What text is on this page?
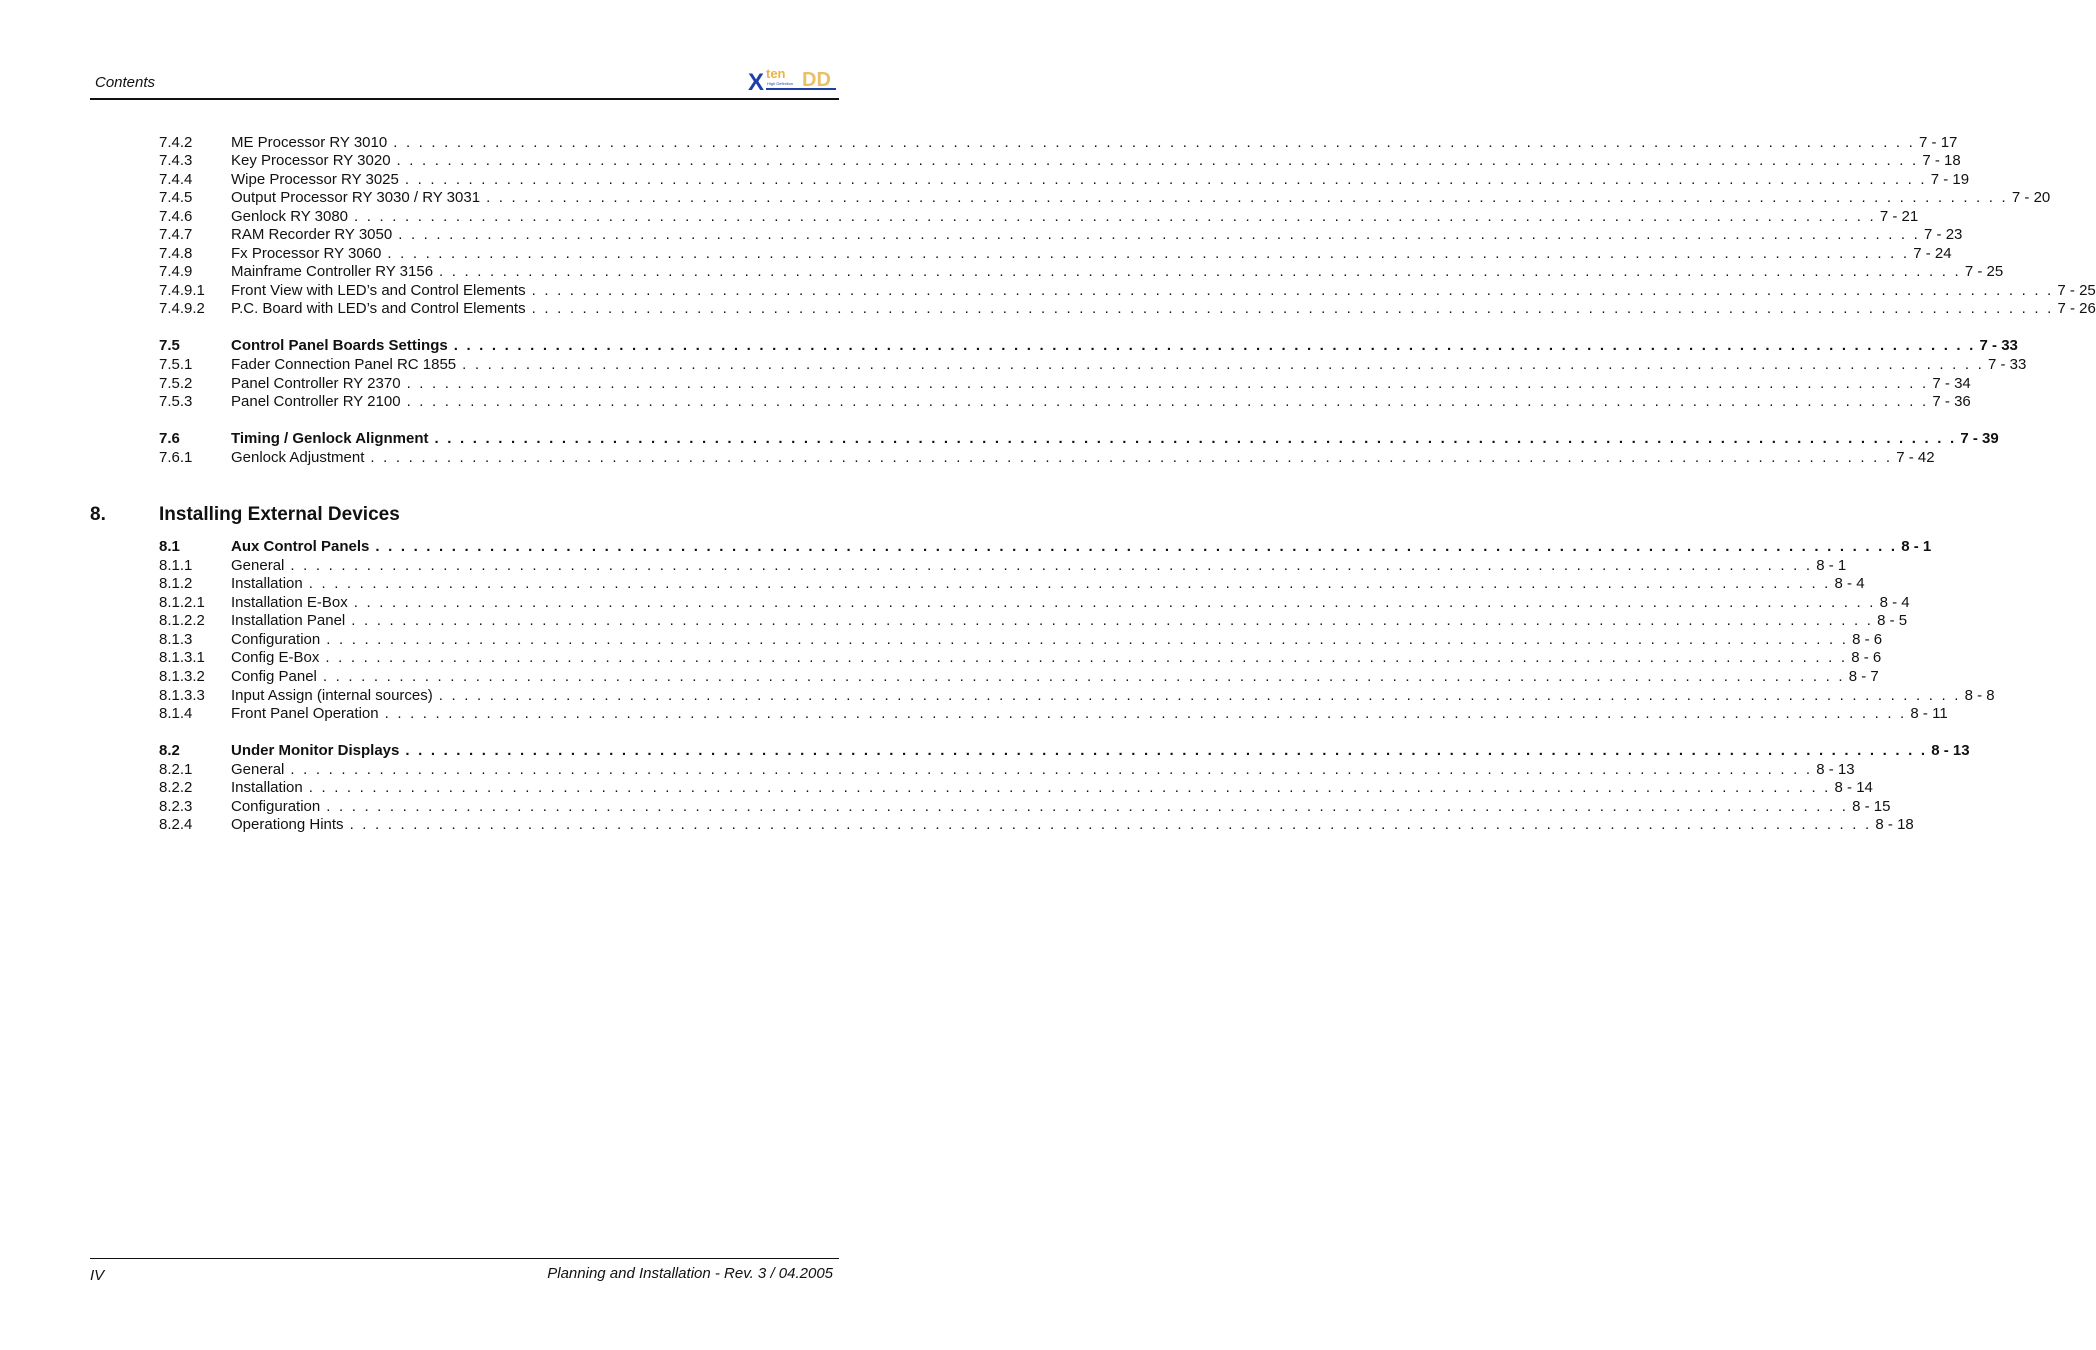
Contents	X ten
High Definition DD
7.4.2	ME Processor RY 3010 . . . . . . . . . . . . . . . . . . . . . . . . . . . . . . . . . . . . . . . . . . . . . . . . . . . . . . . . . . . . . . . . . . . . . . . . . . . . . . . . . . . . . . . . . . . . . . . . . . . . . . . . . . . . . . . . . . . . . . . . 7 - 17
7.4.3	Key Processor RY 3020 . . . . . . . . . . . . . . . . . . . . . . . . . . . . . . . . . . . . . . . . . . . . . . . . . . . . . . . . . . . . . . . . . . . . . . . . . . . . . . . . . . . . . . . . . . . . . . . . . . . . . . . . . . . . . . . . . . . . . . . . 7 - 18
7.4.4	Wipe Processor RY 3025 . . . . . . . . . . . . . . . . . . . . . . . . . . . . . . . . . . . . . . . . . . . . . . . . . . . . . . . . . . . . . . . . . . . . . . . . . . . . . . . . . . . . . . . . . . . . . . . . . . . . . . . . . . . . . . . . . . . . . . . . 7 - 19
7.4.5	Output Processor RY 3030 / RY 3031 . . . . . . . . . . . . . . . . . . . . . . . . . . . . . . . . . . . . . . . . . . . . . . . . . . . . . . . . . . . . . . . . . . . . . . . . . . . . . . . . . . . . . . . . . . . . . . . . . . . . . . . . . . . . . . . . . . . . . . . . 7 - 20
7.4.6	Genlock RY 3080 . . . . . . . . . . . . . . . . . . . . . . . . . . . . . . . . . . . . . . . . . . . . . . . . . . . . . . . . . . . . . . . . . . . . . . . . . . . . . . . . . . . . . . . . . . . . . . . . . . . . . . . . . . . . . . . . . . . . . . . . 7 - 21
7.4.7	RAM Recorder RY 3050 . . . . . . . . . . . . . . . . . . . . . . . . . . . . . . . . . . . . . . . . . . . . . . . . . . . . . . . . . . . . . . . . . . . . . . . . . . . . . . . . . . . . . . . . . . . . . . . . . . . . . . . . . . . . . . . . . . . . . . . . 7 - 23
7.4.8	Fx Processor RY 3060 . . . . . . . . . . . . . . . . . . . . . . . . . . . . . . . . . . . . . . . . . . . . . . . . . . . . . . . . . . . . . . . . . . . . . . . . . . . . . . . . . . . . . . . . . . . . . . . . . . . . . . . . . . . . . . . . . . . . . . . . 7 - 24
7.4.9	Mainframe Controller RY 3156 . . . . . . . . . . . . . . . . . . . . . . . . . . . . . . . . . . . . . . . . . . . . . . . . . . . . . . . . . . . . . . . . . . . . . . . . . . . . . . . . . . . . . . . . . . . . . . . . . . . . . . . . . . . . . . . . . . . . . . . . 7 - 25
7.4.9.1	Front View with LED’s and Control Elements . . . . . . . . . . . . . . . . . . . . . . . . . . . . . . . . . . . . . . . . . . . . . . . . . . . . . . . . . . . . . . . . . . . . . . . . . . . . . . . . . . . . . . . . . . . . . . . . . . . . . . . . . . . . . . . . . . . . . . . . 7 - 25
7.4.9.2	P.C. Board with LED’s and Control Elements . . . . . . . . . . . . . . . . . . . . . . . . . . . . . . . . . . . . . . . . . . . . . . . . . . . . . . . . . . . . . . . . . . . . . . . . . . . . . . . . . . . . . . . . . . . . . . . . . . . . . . . . . . . . . . . . . . . . . . . . 7 - 26
7.5	Control Panel Boards Settings . . . . . . . . . . . . . . . . . . . . . . . . . . . . . . . . . . . . . . . . . . . . . . . . . . . . . . . . . . . . . . . . . . . . . . . . . . . . . . . . . . . . . . . . . . . . . . . . . . . . . . . . . . . . . . . . . . . . . . . . 7 - 33
7.5.1	Fader Connection Panel RC 1855 . . . . . . . . . . . . . . . . . . . . . . . . . . . . . . . . . . . . . . . . . . . . . . . . . . . . . . . . . . . . . . . . . . . . . . . . . . . . . . . . . . . . . . . . . . . . . . . . . . . . . . . . . . . . . . . . . . . . . . . . 7 - 33
7.5.2	Panel Controller RY 2370 . . . . . . . . . . . . . . . . . . . . . . . . . . . . . . . . . . . . . . . . . . . . . . . . . . . . . . . . . . . . . . . . . . . . . . . . . . . . . . . . . . . . . . . . . . . . . . . . . . . . . . . . . . . . . . . . . . . . . . . . 7 - 34
7.5.3	Panel Controller RY 2100 . . . . . . . . . . . . . . . . . . . . . . . . . . . . . . . . . . . . . . . . . . . . . . . . . . . . . . . . . . . . . . . . . . . . . . . . . . . . . . . . . . . . . . . . . . . . . . . . . . . . . . . . . . . . . . . . . . . . . . . . 7 - 36
7.6	Timing / Genlock Alignment . . . . . . . . . . . . . . . . . . . . . . . . . . . . . . . . . . . . . . . . . . . . . . . . . . . . . . . . . . . . . . . . . . . . . . . . . . . . . . . . . . . . . . . . . . . . . . . . . . . . . . . . . . . . . . . . . . . . . . . . 7 - 39
7.6.1	Genlock Adjustment . . . . . . . . . . . . . . . . . . . . . . . . . . . . . . . . . . . . . . . . . . . . . . . . . . . . . . . . . . . . . . . . . . . . . . . . . . . . . . . . . . . . . . . . . . . . . . . . . . . . . . . . . . . . . . . . . . . . . . . . 7 - 42
8.	Installing External Devices
8.1	Aux Control Panels . . . . . . . . . . . . . . . . . . . . . . . . . . . . . . . . . . . . . . . . . . . . . . . . . . . . . . . . . . . . . . . . . . . . . . . . . . . . . . . . . . . . . . . . . . . . . . . . . . . . . . . . . . . . . . . . . . . . . . . . 8 - 1
8.1.1	General . . . . . . . . . . . . . . . . . . . . . . . . . . . . . . . . . . . . . . . . . . . . . . . . . . . . . . . . . . . . . . . . . . . . . . . . . . . . . . . . . . . . . . . . . . . . . . . . . . . . . . . . . . . . . . . . . . . . . . . . 8 - 1
8.1.2	Installation . . . . . . . . . . . . . . . . . . . . . . . . . . . . . . . . . . . . . . . . . . . . . . . . . . . . . . . . . . . . . . . . . . . . . . . . . . . . . . . . . . . . . . . . . . . . . . . . . . . . . . . . . . . . . . . . . . . . . . . . 8 - 4
8.1.2.1	Installation E-Box . . . . . . . . . . . . . . . . . . . . . . . . . . . . . . . . . . . . . . . . . . . . . . . . . . . . . . . . . . . . . . . . . . . . . . . . . . . . . . . . . . . . . . . . . . . . . . . . . . . . . . . . . . . . . . . . . . . . . . . . 8 - 4
8.1.2.2	Installation Panel . . . . . . . . . . . . . . . . . . . . . . . . . . . . . . . . . . . . . . . . . . . . . . . . . . . . . . . . . . . . . . . . . . . . . . . . . . . . . . . . . . . . . . . . . . . . . . . . . . . . . . . . . . . . . . . . . . . . . . . . 8 - 5
8.1.3	Configuration . . . . . . . . . . . . . . . . . . . . . . . . . . . . . . . . . . . . . . . . . . . . . . . . . . . . . . . . . . . . . . . . . . . . . . . . . . . . . . . . . . . . . . . . . . . . . . . . . . . . . . . . . . . . . . . . . . . . . . . . 8 - 6
8.1.3.1	Config E-Box . . . . . . . . . . . . . . . . . . . . . . . . . . . . . . . . . . . . . . . . . . . . . . . . . . . . . . . . . . . . . . . . . . . . . . . . . . . . . . . . . . . . . . . . . . . . . . . . . . . . . . . . . . . . . . . . . . . . . . . . 8 - 6
8.1.3.2	Config Panel . . . . . . . . . . . . . . . . . . . . . . . . . . . . . . . . . . . . . . . . . . . . . . . . . . . . . . . . . . . . . . . . . . . . . . . . . . . . . . . . . . . . . . . . . . . . . . . . . . . . . . . . . . . . . . . . . . . . . . . . 8 - 7
8.1.3.3	Input Assign (internal sources) . . . . . . . . . . . . . . . . . . . . . . . . . . . . . . . . . . . . . . . . . . . . . . . . . . . . . . . . . . . . . . . . . . . . . . . . . . . . . . . . . . . . . . . . . . . . . . . . . . . . . . . . . . . . . . . . . . . . . . . . 8 - 8
8.1.4	Front Panel Operation . . . . . . . . . . . . . . . . . . . . . . . . . . . . . . . . . . . . . . . . . . . . . . . . . . . . . . . . . . . . . . . . . . . . . . . . . . . . . . . . . . . . . . . . . . . . . . . . . . . . . . . . . . . . . . . . . . . . . . . . 8 - 11
8.2	Under Monitor Displays . . . . . . . . . . . . . . . . . . . . . . . . . . . . . . . . . . . . . . . . . . . . . . . . . . . . . . . . . . . . . . . . . . . . . . . . . . . . . . . . . . . . . . . . . . . . . . . . . . . . . . . . . . . . . . . . . . . . . . . . 8 - 13
8.2.1	General . . . . . . . . . . . . . . . . . . . . . . . . . . . . . . . . . . . . . . . . . . . . . . . . . . . . . . . . . . . . . . . . . . . . . . . . . . . . . . . . . . . . . . . . . . . . . . . . . . . . . . . . . . . . . . . . . . . . . . . . 8 - 13
8.2.2	Installation . . . . . . . . . . . . . . . . . . . . . . . . . . . . . . . . . . . . . . . . . . . . . . . . . . . . . . . . . . . . . . . . . . . . . . . . . . . . . . . . . . . . . . . . . . . . . . . . . . . . . . . . . . . . . . . . . . . . . . . . 8 - 14
8.2.3	Configuration . . . . . . . . . . . . . . . . . . . . . . . . . . . . . . . . . . . . . . . . . . . . . . . . . . . . . . . . . . . . . . . . . . . . . . . . . . . . . . . . . . . . . . . . . . . . . . . . . . . . . . . . . . . . . . . . . . . . . . . . 8 - 15
8.2.4	Operationg Hints . . . . . . . . . . . . . . . . . . . . . . . . . . . . . . . . . . . . . . . . . . . . . . . . . . . . . . . . . . . . . . . . . . . . . . . . . . . . . . . . . . . . . . . . . . . . . . . . . . . . . . . . . . . . . . . . . . . . . . . . 8 - 18
IV	Planning and Installation - Rev. 3 / 04.2005
